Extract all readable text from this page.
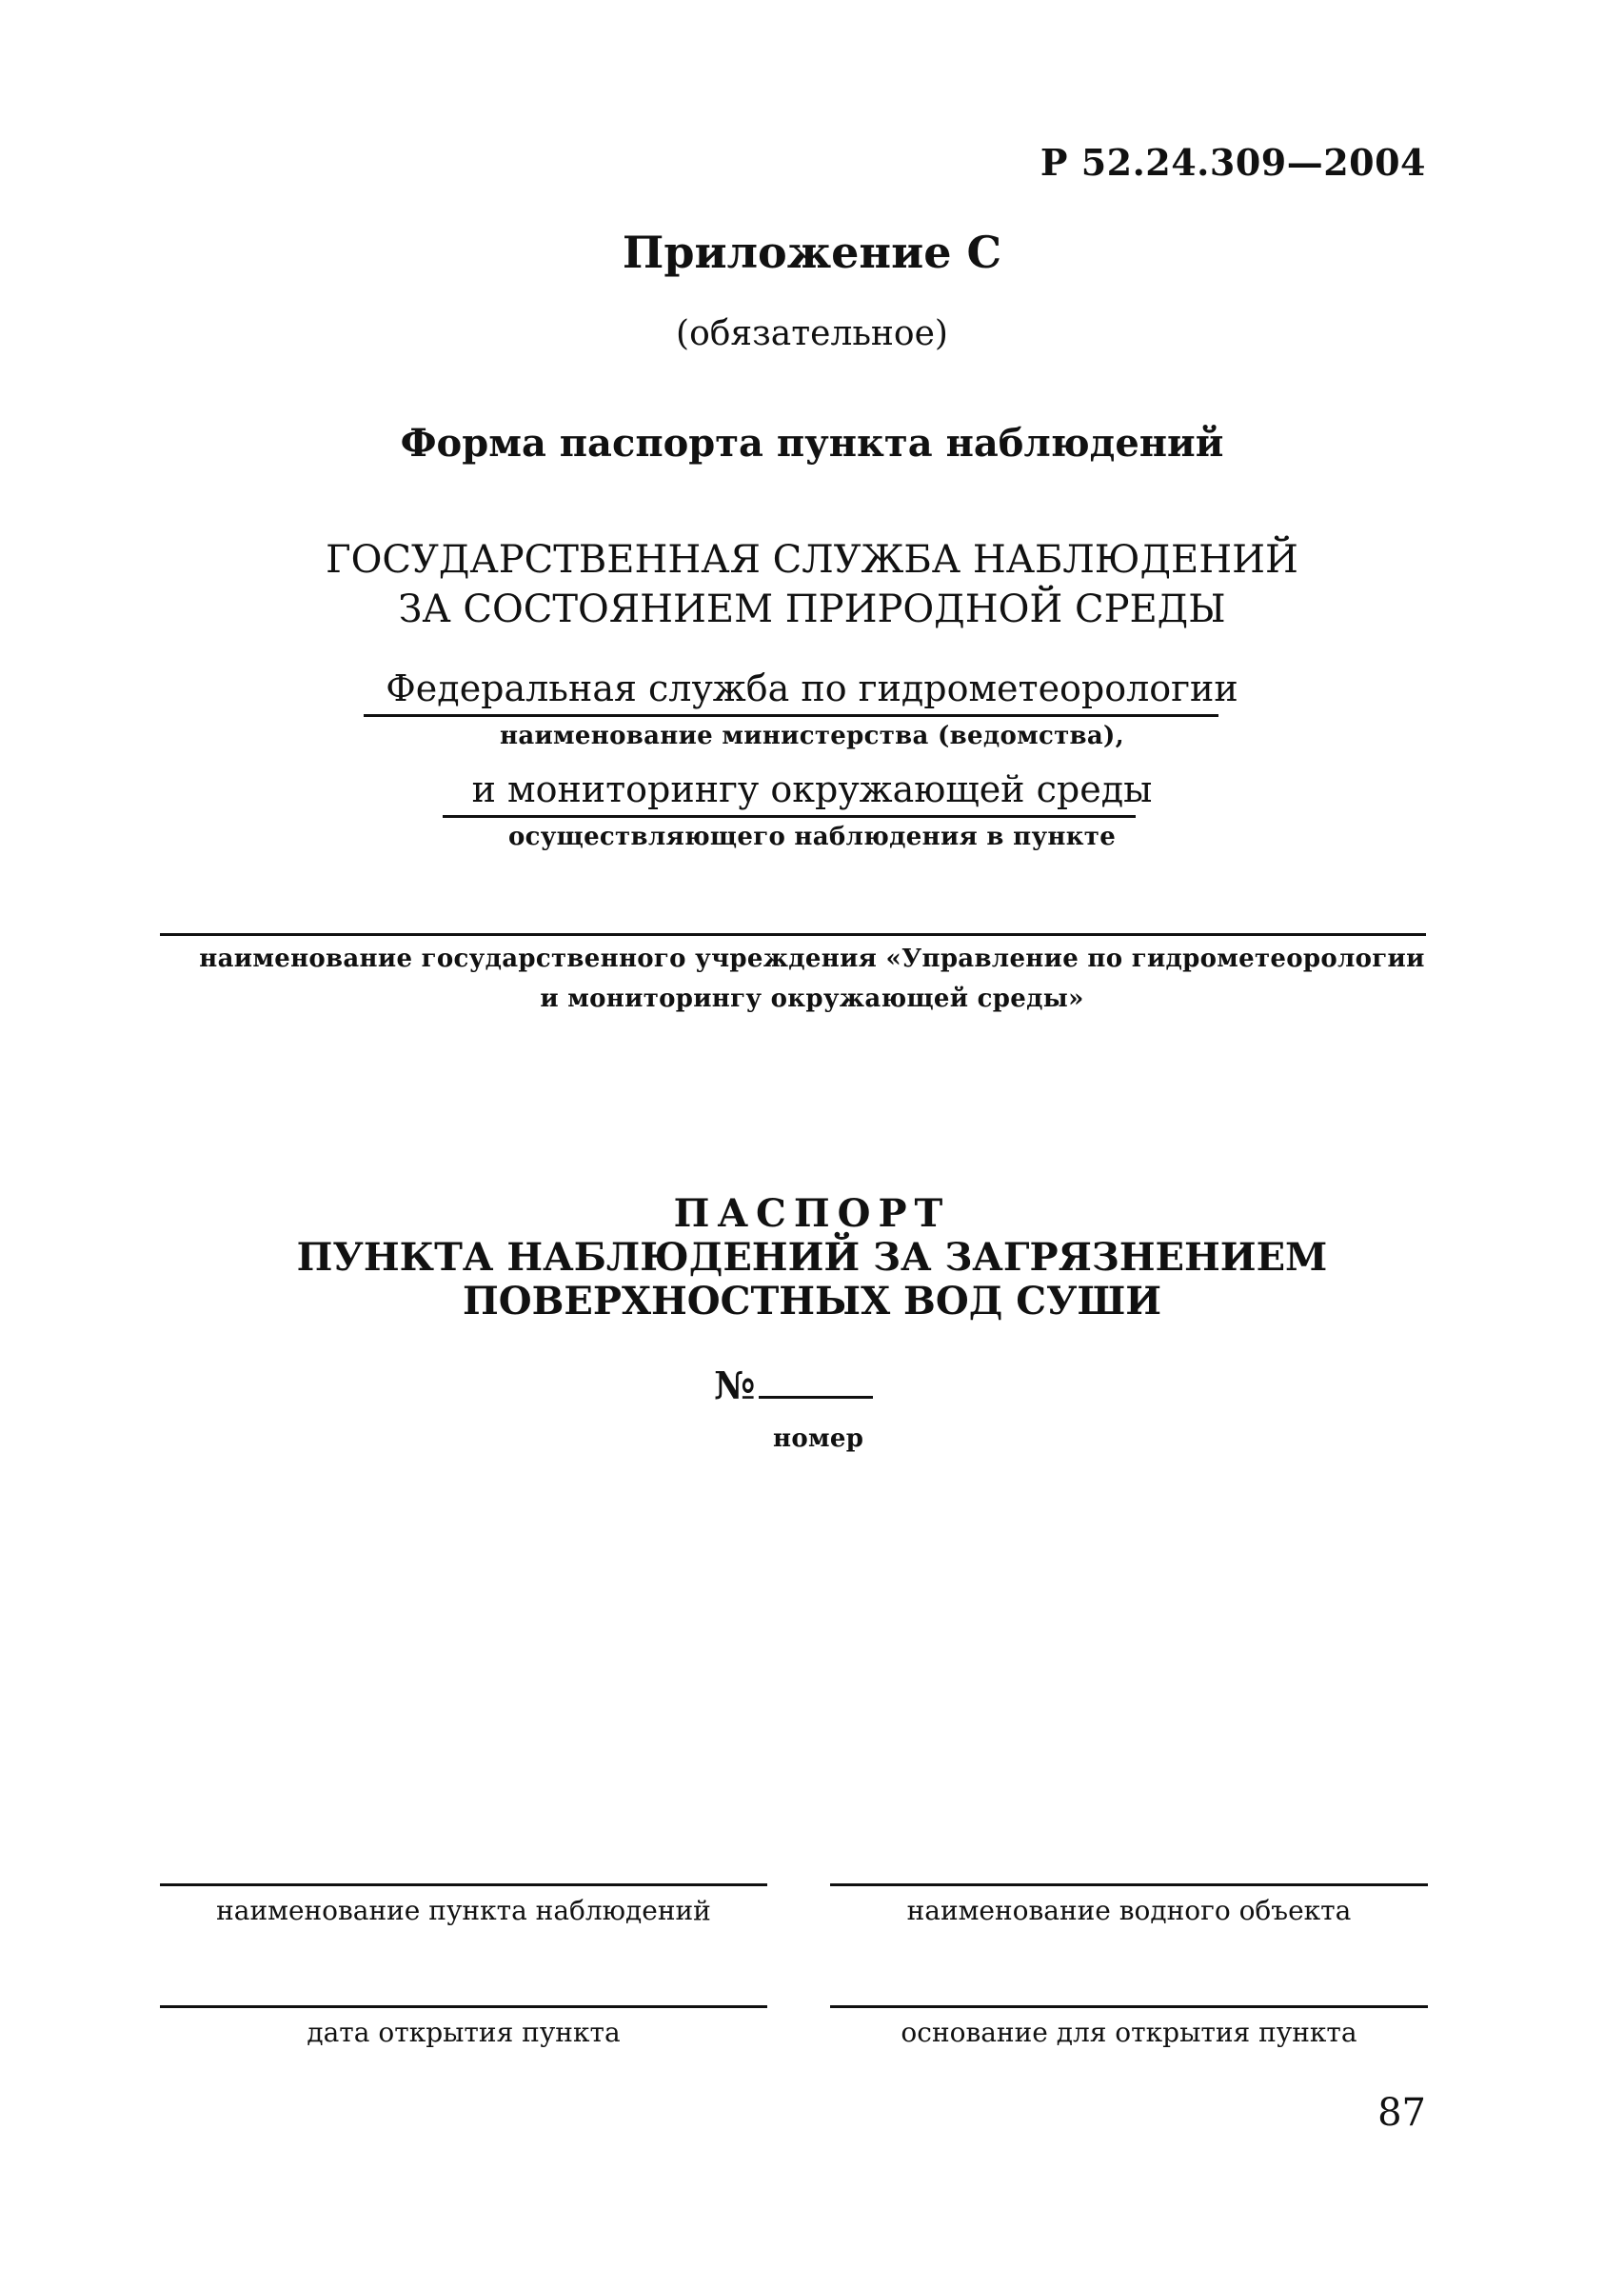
Р 52.24.309—2004
Приложение С
(обязательное)
Форма паспорта пункта наблюдений
ГОСУДАРСТВЕННАЯ СЛУЖБА НАБЛЮДЕНИЙ
ЗА СОСТОЯНИЕМ ПРИРОДНОЙ СРЕДЫ
Федеральная служба по гидрометеорологии
наименование министерства (ведомства),
и мониторингу окружающей среды
осуществляющего наблюдения в пункте
наименование государственного учреждения «Управление по гидрометеорологии
и мониторингу окружающей среды»
ПАСПОРТ
ПУНКТА НАБЛЮДЕНИЙ ЗА ЗАГРЯЗНЕНИЕМ
ПОВЕРХНОСТНЫХ ВОД СУШИ
№
номер
наименование пункта наблюдений	наименование водного объекта
дата открытия пункта	основание для открытия пункта
87
